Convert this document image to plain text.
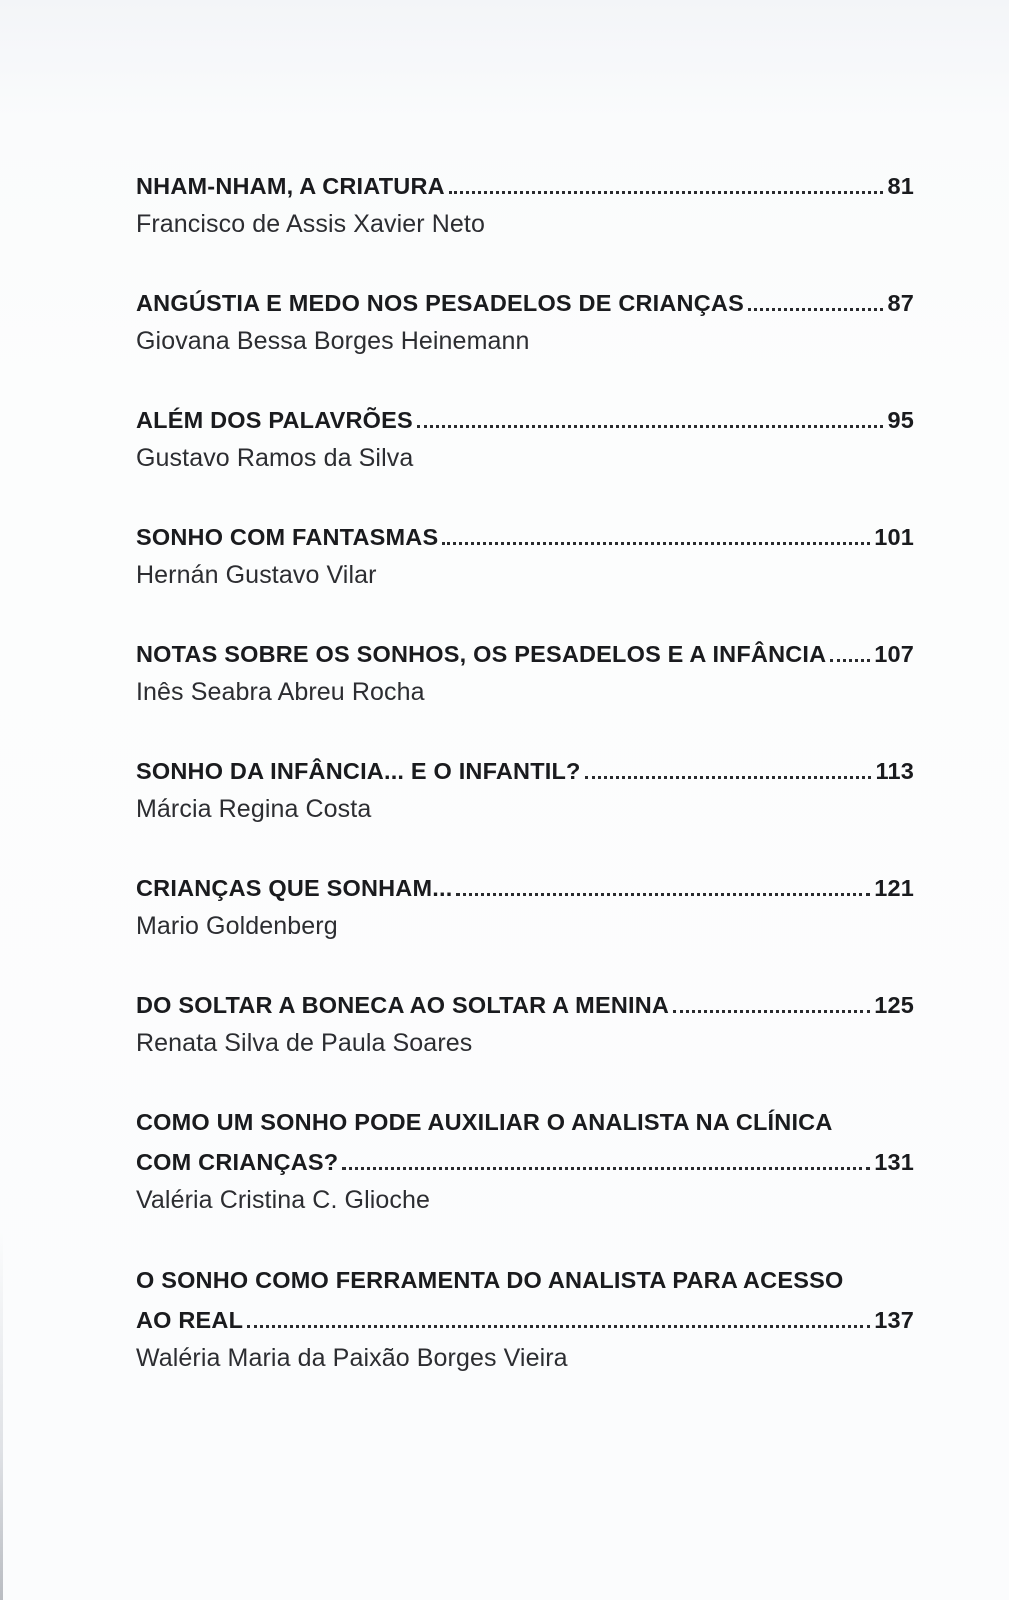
NHAM-NHAM, A CRIATURA	81
Francisco de Assis Xavier Neto
ANGÚSTIA E MEDO NOS PESADELOS DE CRIANÇAS	87
Giovana Bessa Borges Heinemann
ALÉM DOS PALAVRÕES	95
Gustavo Ramos da Silva
SONHO COM FANTASMAS	101
Hernán Gustavo Vilar
NOTAS SOBRE OS SONHOS, OS PESADELOS E A INFÂNCIA 107
Inês Seabra Abreu Rocha
SONHO DA INFÂNCIA... E O INFANTIL?	113
Márcia Regina Costa
CRIANÇAS QUE SONHAM...	121
Mario Goldenberg
DO SOLTAR A BONECA AO SOLTAR A MENINA	125
Renata Silva de Paula Soares
COMO UM SONHO PODE AUXILIAR O ANALISTA NA CLÍNICA
COM CRIANÇAS?	131
Valéria Cristina C. Glioche
O SONHO COMO FERRAMENTA DO ANALISTA PARA ACESSO
AO REAL	137
Waléria Maria da Paixão Borges Vieira
